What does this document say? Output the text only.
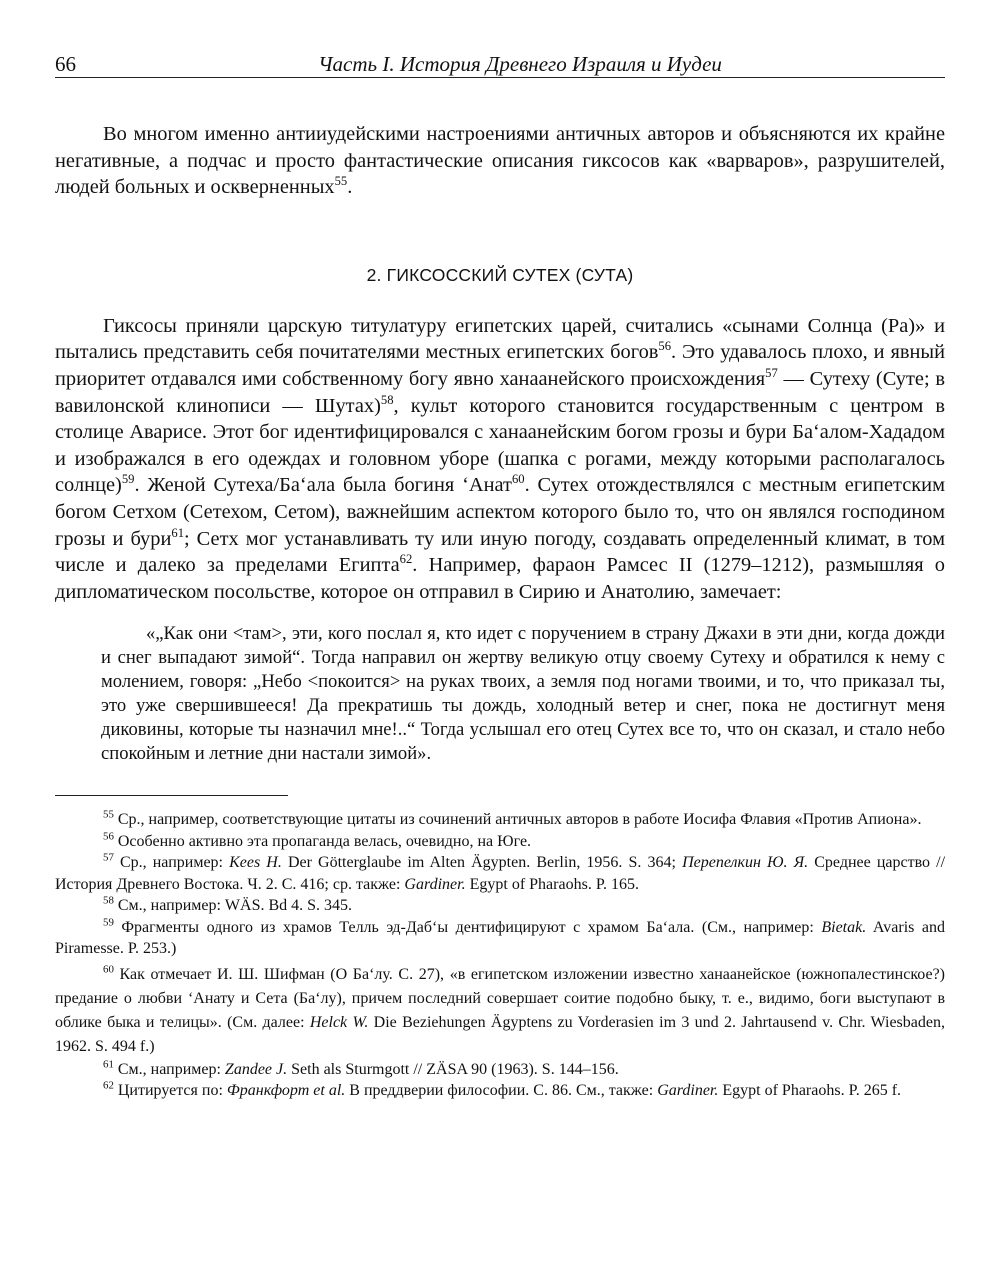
66	Часть I. История Древнего Израиля и Иудеи

Во многом именно антииудейскими настроениями античных авторов и объясняются их крайне негативные, а подчас и просто фантастические описания гиксосов как «варваров», разрушителей, людей больных и оскверненных$^{55}$.

2. ГИКСОССКИЙ СУТЕХ (СУТА)

Гиксосы приняли царскую титулатуру египетских царей, считались «сынами Солнца (Ра)» и пытались представить себя почитателями местных египетских богов$^{56}$. Это удавалось плохо, и явный приоритет отдавался ими собственному богу явно ханаанейского происхождения$^{57}$ — Сутеху (Суте; в вавилонской клинописи — Шутах)$^{58}$, культ которого становится государственным с центром в столице Аварисе. Этот бог идентифицировался с ханаанейским богом грозы и бури Ба‘алом-Хададом и изображался в его одеждах и головном уборе (шапка с рогами, между которыми располагалось солнце)$^{59}$. Женой Сутеха/Ба‘ала была богиня ‘Анат$^{60}$. Сутех отождествлялся с местным египетским богом Сетхом (Сетехом, Сетом), важнейшим аспектом которого было то, что он являлся господином грозы и бури$^{61}$; Сетх мог устанавливать ту или иную погоду, создавать определенный климат, в том числе и далеко за пределами Египта$^{62}$. Например, фараон Рамсес II (1279–1212), размышляя о дипломатическом посольстве, которое он отправил в Сирию и Анатолию, замечает:

«„Как они <там>, эти, кого послал я, кто идет с поручением в страну Джахи в эти дни, когда дожди и снег выпадают зимой“. Тогда направил он жертву великую отцу своему Сутеху и обратился к нему с молением, говоря: „Небо <покоится> на руках твоих, а земля под ногами твоими, и то, что приказал ты, это уже свершившееся! Да прекратишь ты дождь, холодный ветер и снег, пока не достигнут меня диковины, которые ты назначил мне!..“ Тогда услышал его отец Сутех все то, что он сказал, и стало небо спокойным и летние дни настали зимой».

$^{55}$ Ср., например, соответствующие цитаты из сочинений античных авторов в работе Иосифа Флавия «Против Апиона».

$^{56}$ Особенно активно эта пропаганда велась, очевидно, на Юге.

$^{57}$ Ср., например: Kees H. Der Götterglaube im Alten Ägypten. Berlin, 1956. S. 364; Перепелкин Ю. Я. Среднее царство // История Древнего Востока. Ч. 2. С. 416; ср. также: Gardiner. Egypt of Pharaohs. P. 165.

$^{58}$ См., например: WÄS. Bd 4. S. 345.

$^{59}$ Фрагменты одного из храмов Телль эд-Даб‘ы дентифицируют с храмом Ба‘ала. (См., например: Bietak. Avaris and Piramesse. P. 253.)

$^{60}$ Как отмечает И. Ш. Шифман (О Ба‘лу. С. 27), «в египетском изложении известно ханаанейское (южнопалестинское?) предание о любви ‘Анату и Сета (Ба‘лу), причем последний совершает соитие подобно быку, т. е., видимо, боги выступают в облике быка и телицы». (См. далее: Helck W. Die Beziehungen Ägyptens zu Vorderasien im 3 und 2. Jahrtausend v. Chr. Wiesbaden, 1962. S. 494 f.)

$^{61}$ См., например: Zandee J. Seth als Sturmgott // ZÄSA 90 (1963). S. 144–156.

$^{62}$ Цитируется по: Франкфорт et al. В преддверии философии. С. 86. См., также: Gardiner. Egypt of Pharaohs. P. 265 f.
